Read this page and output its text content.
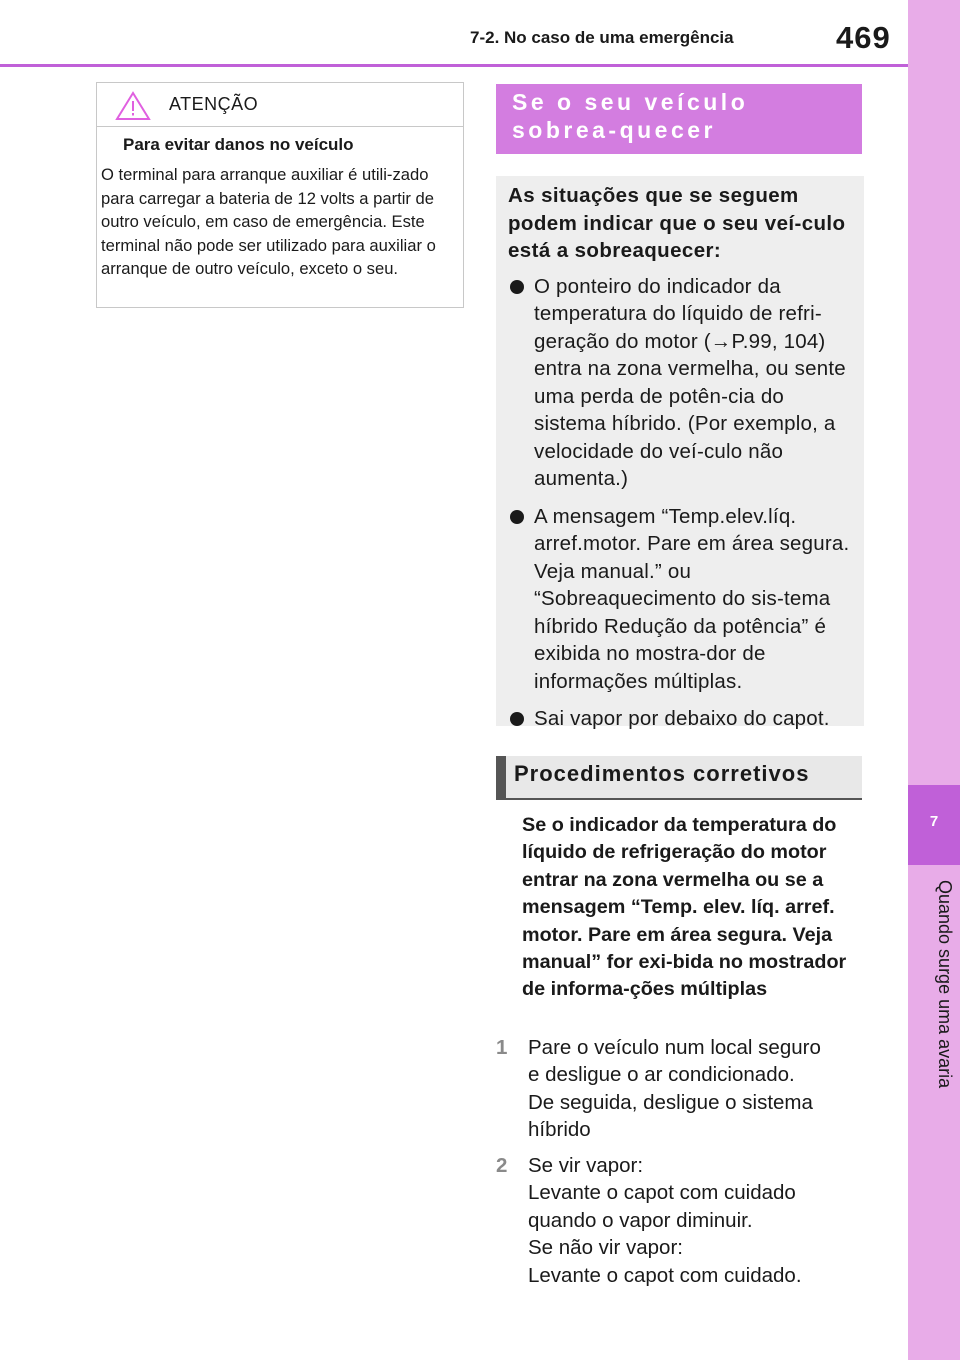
7-2. No caso de uma emergência	469
7
Quando surge uma avaria
ATENÇÃO
Para evitar danos no veículo
O terminal para arranque auxiliar é utili-zado para carregar a bateria de 12 volts a partir de outro veículo, em caso de emergência. Este terminal não pode ser utilizado para auxiliar o arranque de outro veículo, exceto o seu.
Se o seu veículo sobrea-quecer
As situações que se seguem podem indicar que o seu veí-culo está a sobreaquecer:
O ponteiro do indicador da temperatura do líquido de refri-geração do motor (→P.99, 104) entra na zona vermelha, ou sente uma perda de potên-cia do sistema híbrido. (Por exemplo, a velocidade do veí-culo não aumenta.)
A mensagem “Temp.elev.líq. arref.motor. Pare em área segura. Veja manual.” ou “Sobreaquecimento do sis-tema híbrido Redução da potência” é exibida no mostra-dor de informações múltiplas.
Sai vapor por debaixo do capot.
Procedimentos corretivos
Se o indicador da temperatura do líquido de refrigeração do motor entrar na zona vermelha ou se a mensagem “Temp. elev. líq. arref. motor. Pare em área segura. Veja manual” for exi-bida no mostrador de informa-ções múltiplas
1 Pare o veículo num local seguro
e desligue o ar condicionado.
De seguida, desligue o sistema
híbrido
2 Se vir vapor:
Levante o capot com cuidado
quando o vapor diminuir.
Se não vir vapor:
Levante o capot com cuidado.
